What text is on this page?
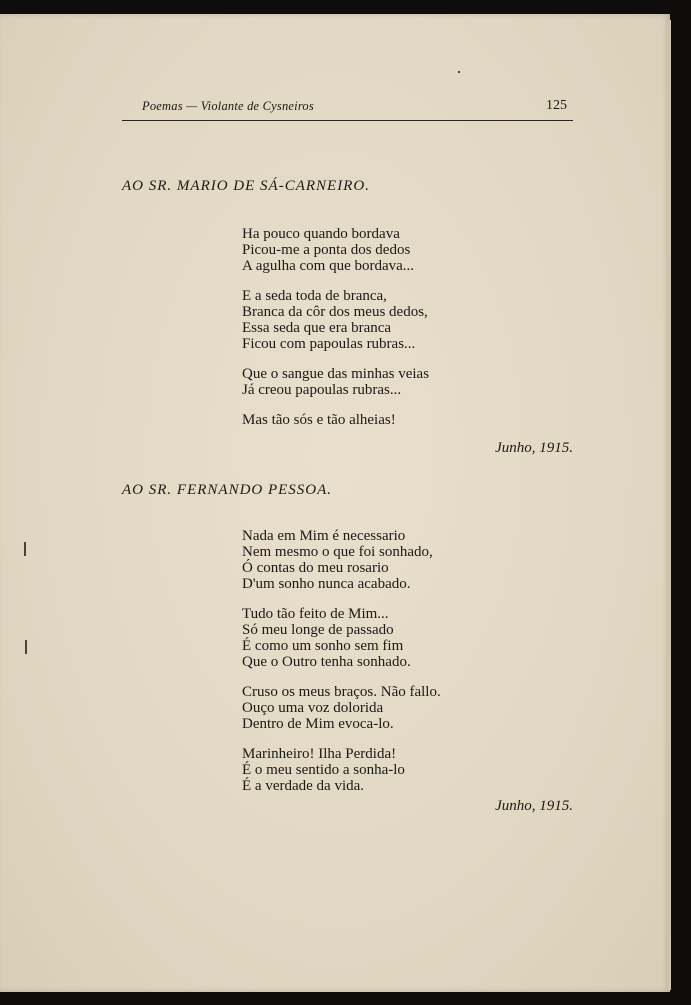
Poemas — Violante de Cysneiros	125
AO SR. MARIO DE SÁ-CARNEIRO.
Ha pouco quando bordava
Picou-me a ponta dos dedos
A agulha com que bordava...
E a seda toda de branca,
Branca da côr dos meus dedos,
Essa seda que era branca
Ficou com papoulas rubras...
Que o sangue das minhas veias
Já creou papoulas rubras...
Mas tão sós e tão alheias!
Junho, 1915.
AO SR. FERNANDO PESSOA.
Nada em Mim é necessario
Nem mesmo o que foi sonhado,
Ó contas do meu rosario
D'um sonho nunca acabado.
Tudo tão feito de Mim...
Só meu longe de passado
É como um sonho sem fim
Que o Outro tenha sonhado.
Cruso os meus braços. Não fallo.
Ouço uma voz dolorida
Dentro de Mim evoca-lo.
Marinheiro! Ilha Perdida!
É o meu sentido a sonha-lo
É a verdade da vida.
Junho, 1915.
